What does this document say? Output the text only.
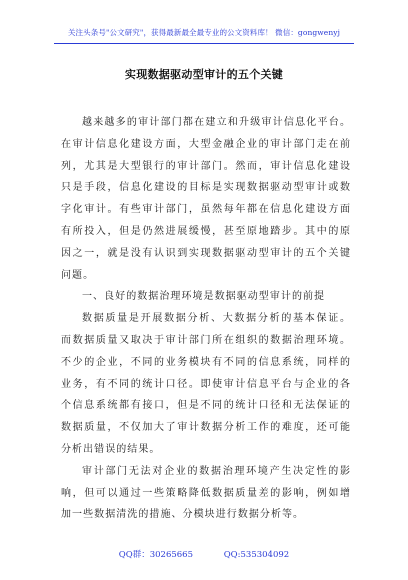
关注头条号"公文研究"，获得最新最全最专业的公文资料库！ 微信：gongwenyj
实现数据驱动型审计的五个关键
越来越多的审计部门都在建立和升级审计信息化平台。
在审计信息化建设方面，大型金融企业的审计部门走在前
列，尤其是大型银行的审计部门。然而，审计信息化建设
只是手段，信息化建设的目标是实现数据驱动型审计或数
字化审计。有些审计部门，虽然每年都在信息化建设方面
有所投入，但是仍然进展缓慢，甚至原地踏步。其中的原
因之一，就是没有认识到实现数据驱动型审计的五个关键
问题。
一、良好的数据治理环境是数据驱动型审计的前提
数据质量是开展数据分析、大数据分析的基本保证。
而数据质量又取决于审计部门所在组织的数据治理环境。
不少的企业，不同的业务模块有不同的信息系统，同样的
业务，有不同的统计口径。即使审计信息平台与企业的各
个信息系统都有接口，但是不同的统计口径和无法保证的
数据质量，不仅加大了审计数据分析工作的难度，还可能
分析出错误的结果。
审计部门无法对企业的数据治理环境产生决定性的影
响，但可以通过一些策略降低数据质量差的影响，例如增
加一些数据清洗的措施、分模块进行数据分析等。
QQ群：30265665	QQ:535304092
